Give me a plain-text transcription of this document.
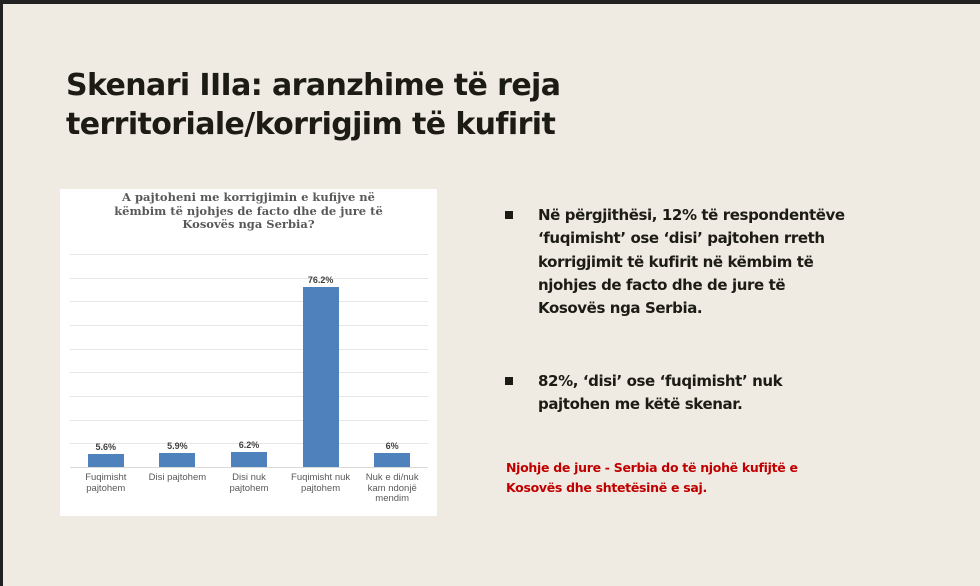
Skenari IIIa: aranzhime të reja
territoriale/korrigjim të kufirit
A pajtoheni me korrigjimin e kufijve në
këmbim të njohjes de facto dhe de jure të
Kosovës nga Serbia?
5.6%	5.9%	6.2%
76.2%
6%
Fuqimisht
pajtohem
Disi pajtohem	Disi nuk
pajtohem
Fuqimisht nuk
pajtohem
Nuk e di/nuk
kam ndonjë
mendim
Në përgjithësi, 12% të respondentëve
‘fuqimisht’ ose ‘disi’ pajtohen rreth
korrigjimit të kufirit në këmbim të
njohjes de facto dhe de jure të
Kosovës nga Serbia.
82%, ‘disi’ ose ‘fuqimisht’ nuk
pajtohen me këtë skenar.
Njohje de jure - Serbia do të njohë kufijtë e
Kosovës dhe shtetësinë e saj.
